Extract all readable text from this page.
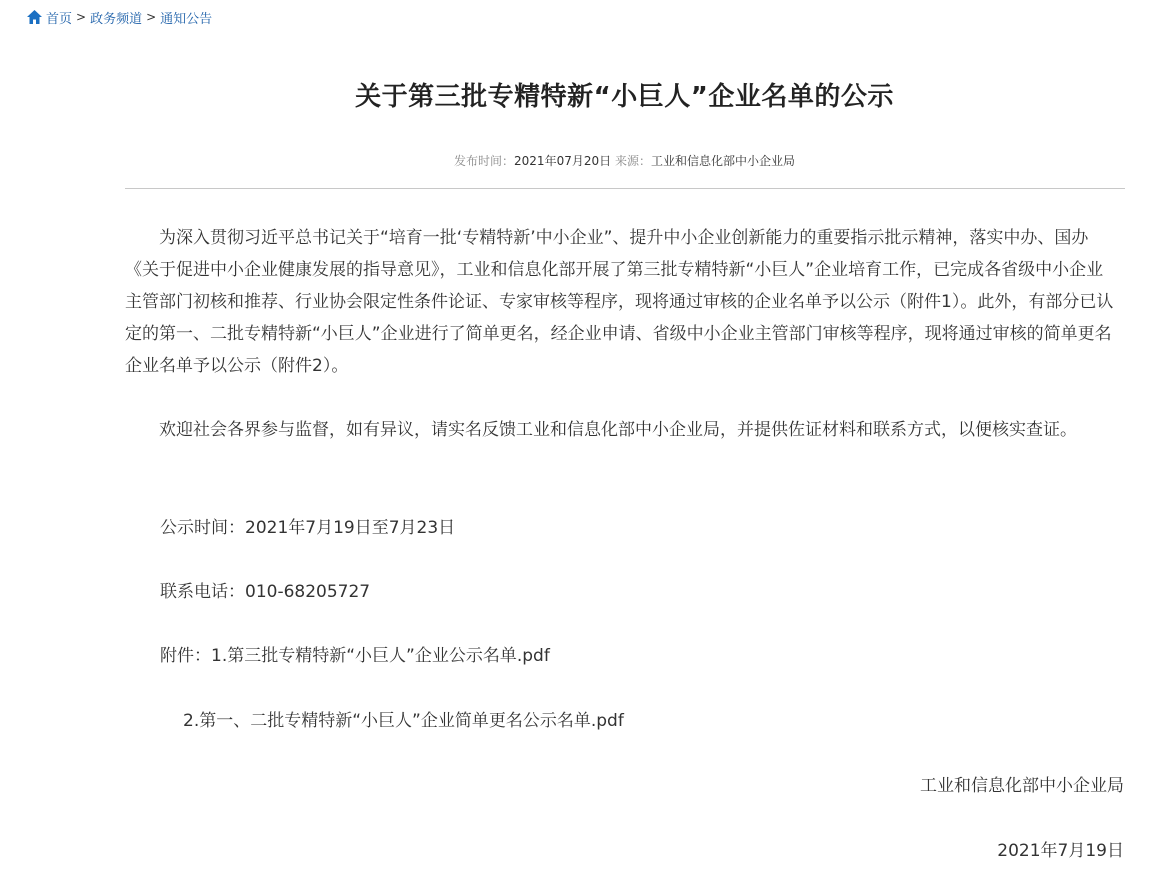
首页 > 政务频道 > 通知公告
关于第三批专精特新“小巨人”企业名单的公示
发布时间：2021年07月20日 来源：工业和信息化部中小企业局

为深入贯彻习近平总书记关于“培育一批‘专精特新’中小企业”、提升中小企业创新能力的重要指示批示精神，落实中办、国办《关于促进中小企业健康发展的指导意见》，工业和信息化部开展了第三批专精特新“小巨人”企业培育工作，已完成各省级中小企业主管部门初核和推荐、行业协会限定性条件论证、专家审核等程序，现将通过审核的企业名单予以公示（附件1）。此外，有部分已认定的第一、二批专精特新“小巨人”企业进行了简单更名，经企业申请、省级中小企业主管部门审核等程序，现将通过审核的简单更名企业名单予以公示（附件2）。

欢迎社会各界参与监督，如有异议，请实名反馈工业和信息化部中小企业局，并提供佐证材料和联系方式，以便核实查证。

公示时间：2021年7月19日至7月23日
联系电话：010-68205727
附件：1.第三批专精特新“小巨人”企业公示名单.pdf
2.第一、二批专精特新“小巨人”企业简单更名公示名单.pdf
工业和信息化部中小企业局
2021年7月19日
